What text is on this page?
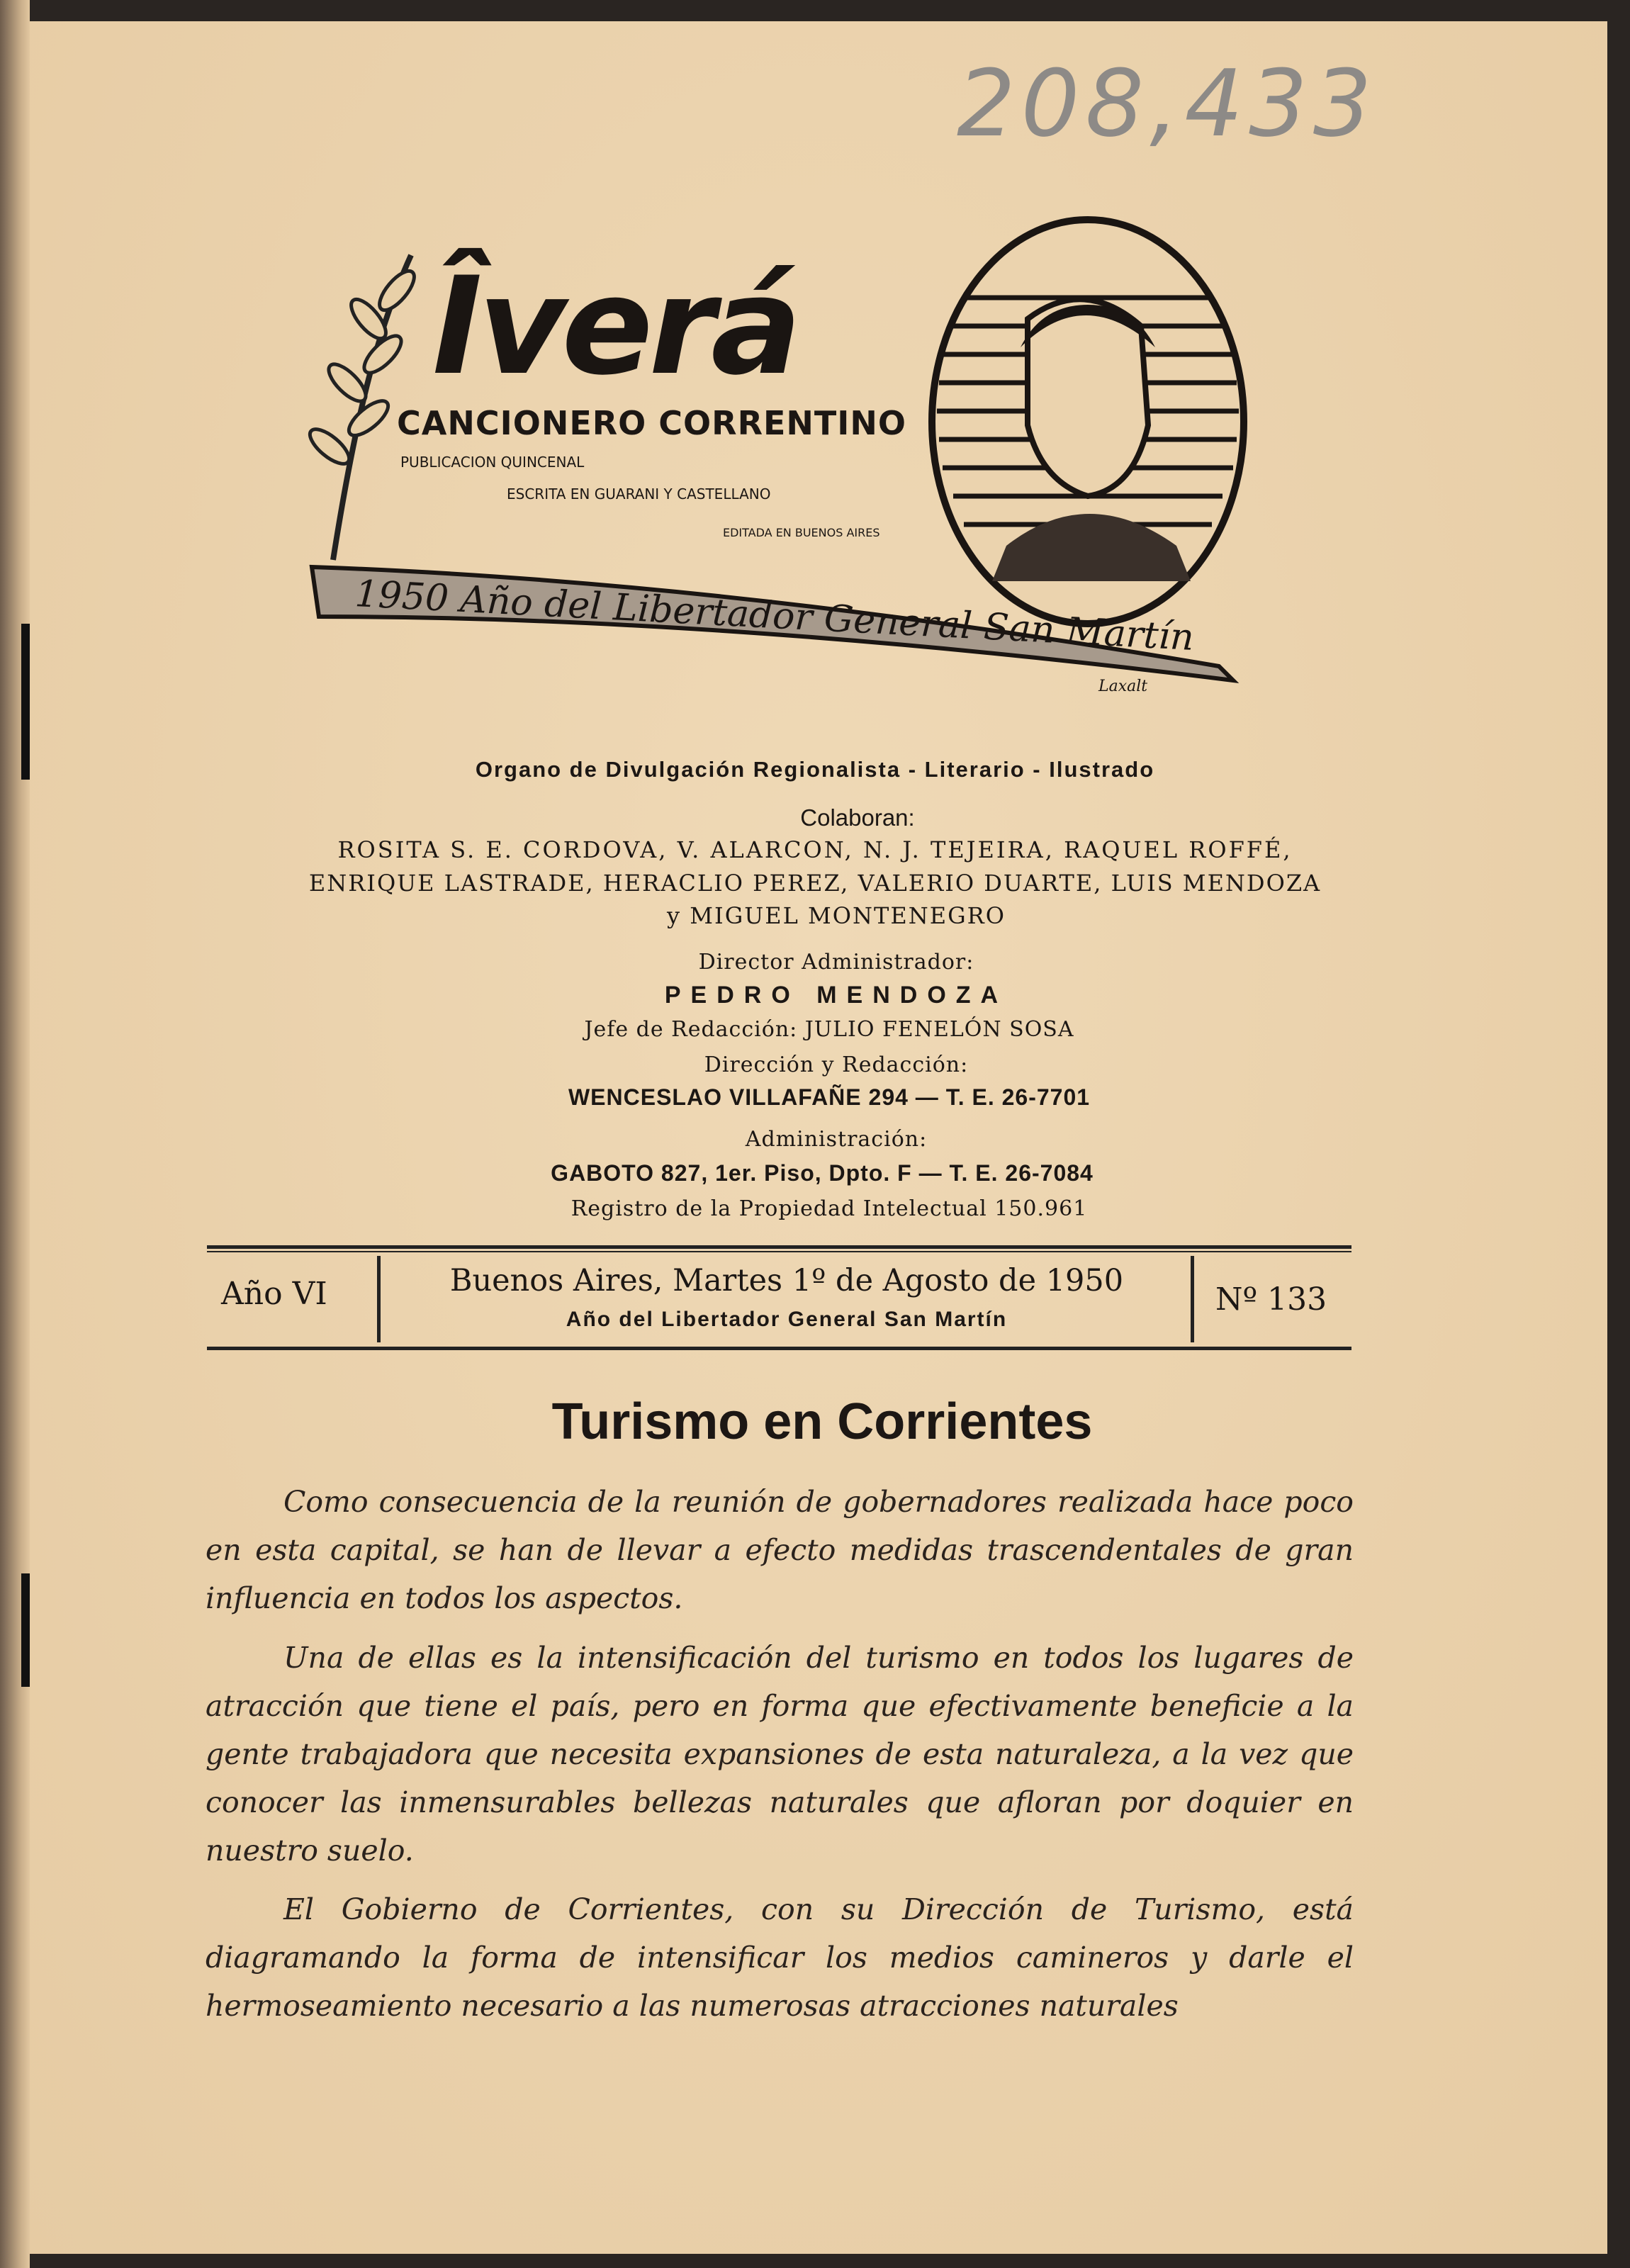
208,433
Îverá
CANCIONERO CORRENTINO
PUBLICACION QUINCENAL
ESCRITA EN GUARANI Y CASTELLANO
EDITADA EN BUENOS AIRES
1950 Año del Libertador General San Martín
Laxalt
Organo de Divulgación Regionalista - Literario - Ilustrado
Colaboran:
ROSITA S. E. CORDOVA, V. ALARCON, N. J. TEJEIRA, RAQUEL ROFFÉ,
ENRIQUE LASTRADE, HERACLIO PEREZ, VALERIO DUARTE, LUIS MENDOZA
y MIGUEL MONTENEGRO
Director Administrador:
PEDRO MENDOZA
Jefe de Redacción: JULIO FENELÓN SOSA
Dirección y Redacción:
WENCESLAO VILLAFAÑE 294 — T. E. 26-7701
Administración:
GABOTO 827, 1er. Piso, Dpto. F — T. E. 26-7084
Registro de la Propiedad Intelectual 150.961
Año VI	Buenos Aires, Martes 1º de Agosto de 1950
Año del Libertador General San Martín
Nº 133
Turismo en Corrientes

Como consecuencia de la reunión de gobernadores realizada hace poco en esta capital, se han de llevar a efecto medidas trascendentales de gran influencia en todos los aspectos.

Una de ellas es la intensificación del turismo en todos los lugares de atracción que tiene el país, pero en forma que efectivamente beneficie a la gente trabajadora que necesita expansiones de esta naturaleza, a la vez que conocer las inmensurables bellezas naturales que afloran por doquier en nuestro suelo.

El Gobierno de Corrientes, con su Dirección de Turismo, está diagramando la forma de intensificar los medios camineros y darle el hermoseamiento necesario a las numerosas atracciones naturales
